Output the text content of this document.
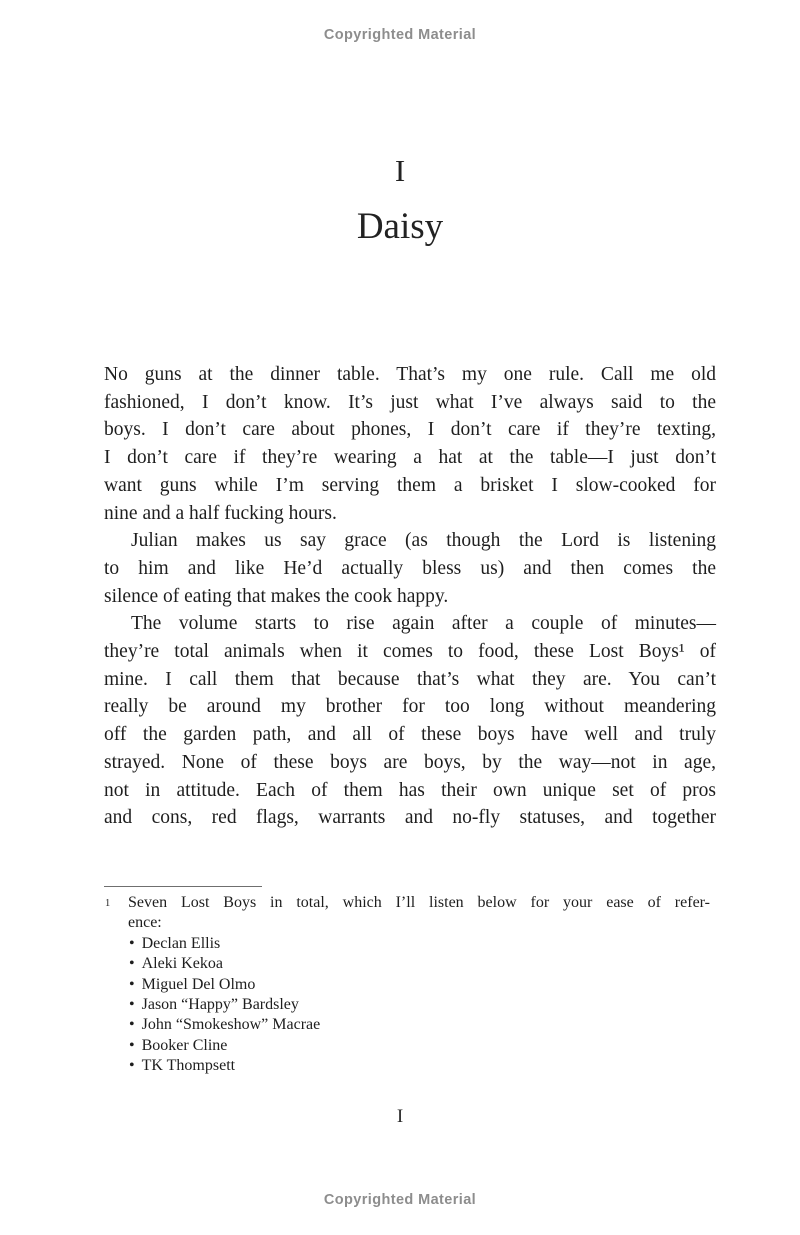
Copyrighted Material
I
Daisy
No guns at the dinner table. That’s my one rule. Call me old
fashioned, I don’t know. It’s just what I’ve always said to the
boys. I don’t care about phones, I don’t care if they’re texting,
I don’t care if they’re wearing a hat at the table—I just don’t
want guns while I’m serving them a brisket I slow-cooked for
nine and a half fucking hours.
Julian makes us say grace (as though the Lord is listening
to him and like He’d actually bless us) and then comes the
silence of eating that makes the cook happy.
The volume starts to rise again after a couple of minutes—
they’re total animals when it comes to food, these Lost Boys¹ of
mine. I call them that because that’s what they are. You can’t
really be around my brother for too long without meandering
off the garden path, and all of these boys have well and truly
strayed. None of these boys are boys, by the way—not in age,
not in attitude. Each of them has their own unique set of pros
and cons, red flags, warrants and no-fly statuses, and together
1 Seven Lost Boys in total, which I’ll listen below for your ease of refer-
ence:
• Declan Ellis
• Aleki Kekoa
• Miguel Del Olmo
• Jason “Happy” Bardsley
• John “Smokeshow” Macrae
• Booker Cline
• TK Thompsett
I
Copyrighted Material
